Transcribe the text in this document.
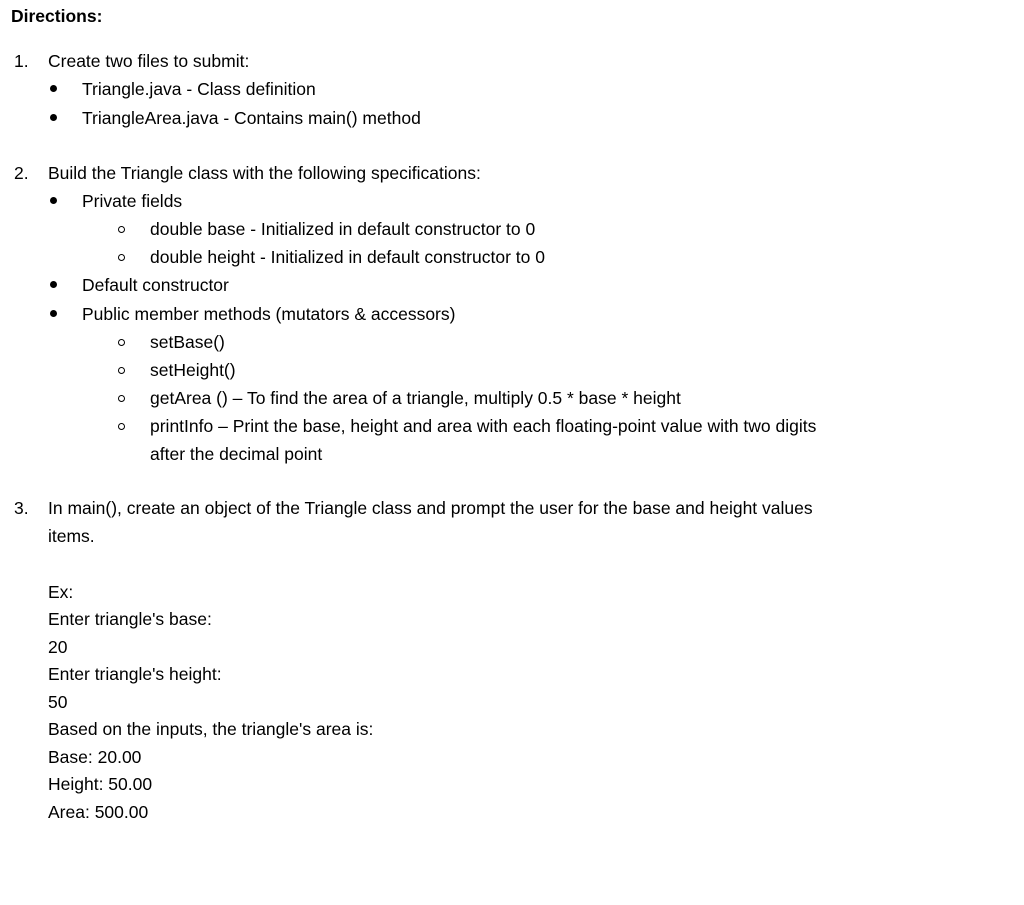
Directions:
1. Create two files to submit:
Triangle.java - Class definition
TriangleArea.java - Contains main() method
2. Build the Triangle class with the following specifications:
Private fields
double base - Initialized in default constructor to 0
double height - Initialized in default constructor to 0
Default constructor
Public member methods (mutators & accessors)
setBase()
setHeight()
getArea () – To find the area of a triangle, multiply 0.5 * base * height
printInfo – Print the base, height and area with each floating-point value with two digits
after the decimal point
3. In main(), create an object of the Triangle class and prompt the user for the base and height values
items.
Ex:
Enter triangle's base:
20
Enter triangle's height:
50
Based on the inputs, the triangle's area is:
Base: 20.00
Height: 50.00
Area: 500.00
